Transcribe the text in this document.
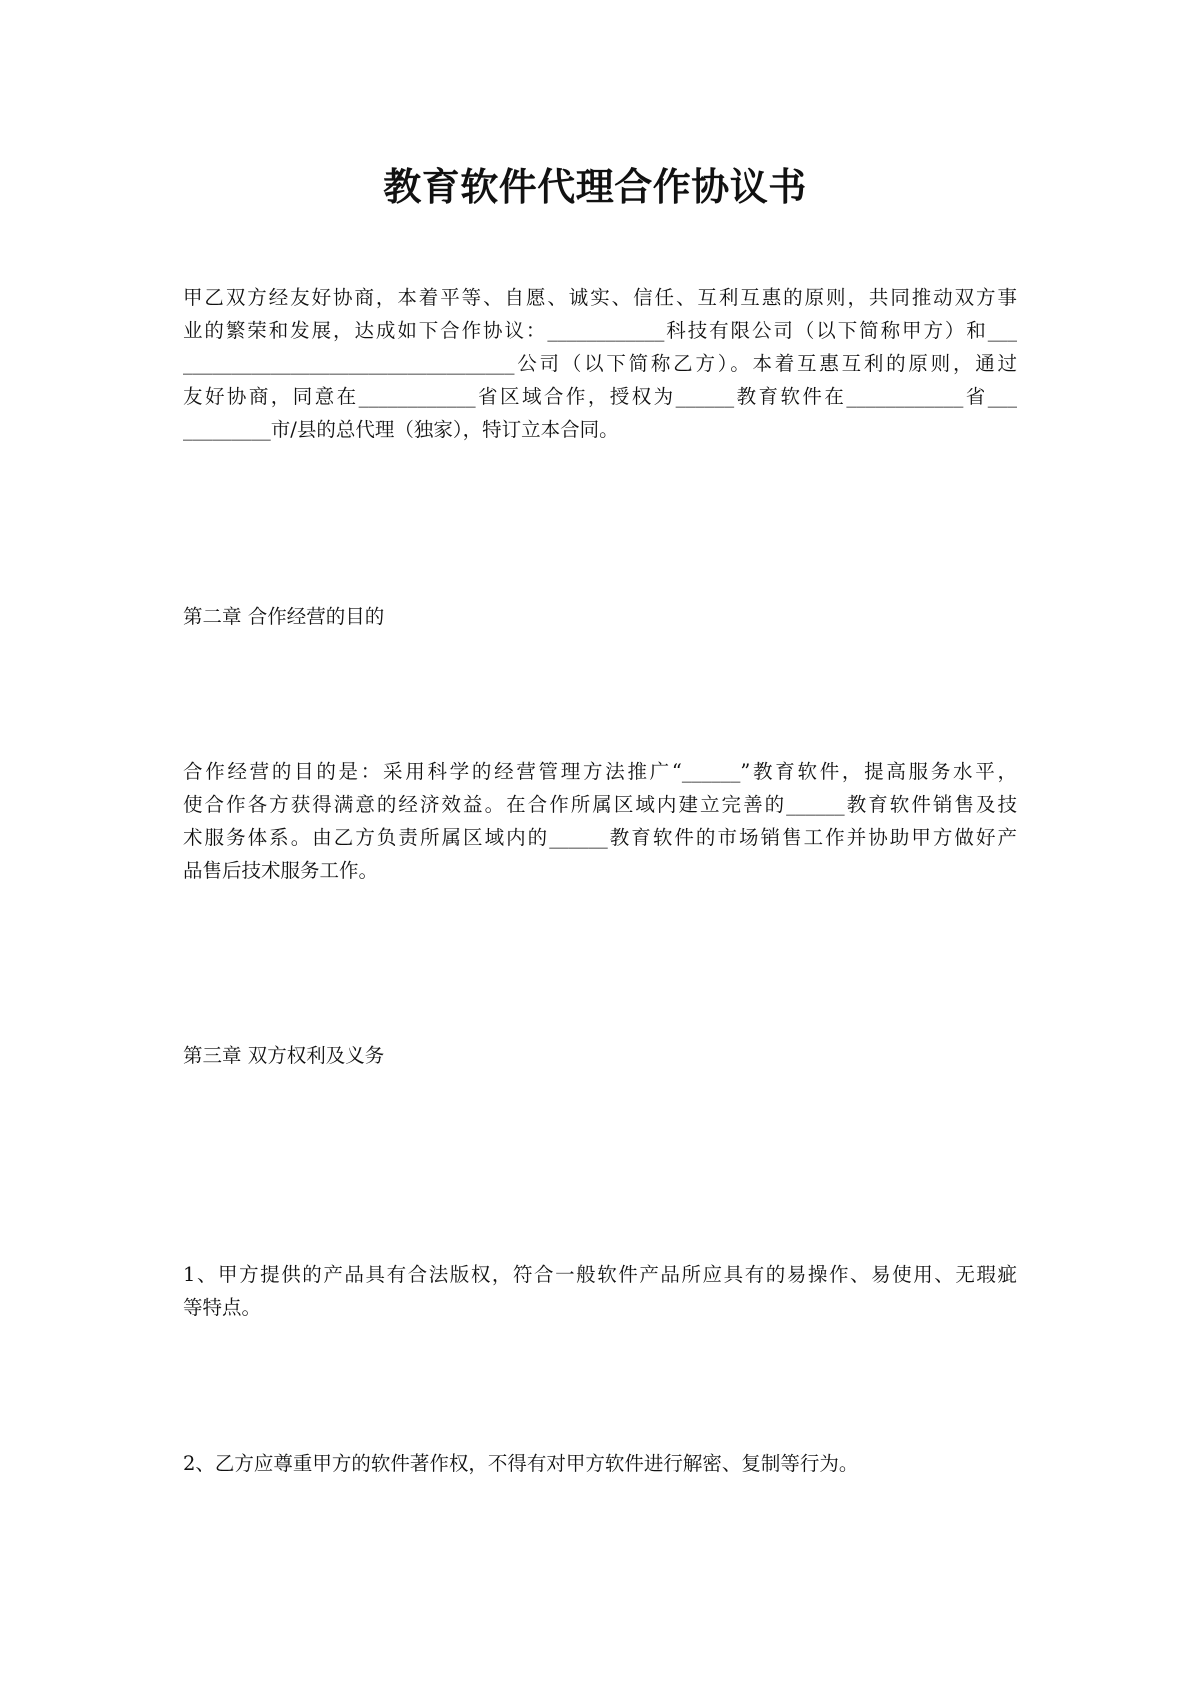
教育软件代理合作协议书
甲乙双方经友好协商，本着平等、自愿、诚实、信任、互利互惠的原则，共同推动双方事
业的繁荣和发展，达成如下合作协议：____________科技有限公司（以下简称甲方）和___
__________________________________公司（以下简称乙方）。本着互惠互利的原则，通过
友好协商，同意在____________省区域合作，授权为______教育软件在____________省___
_________市/县的总代理（独家），特订立本合同。
第二章 合作经营的目的
合作经营的目的是：采用科学的经营管理方法推广“______”教育软件，提高服务水平，
使合作各方获得满意的经济效益。在合作所属区域内建立完善的______教育软件销售及技
术服务体系。由乙方负责所属区域内的______教育软件的市场销售工作并协助甲方做好产
品售后技术服务工作。
第三章 双方权利及义务
1、甲方提供的产品具有合法版权，符合一般软件产品所应具有的易操作、易使用、无瑕疵
等特点。
2、乙方应尊重甲方的软件著作权，不得有对甲方软件进行解密、复制等行为。
